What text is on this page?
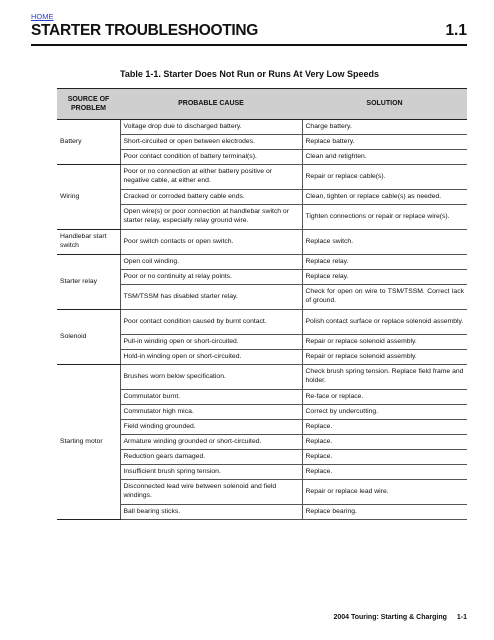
HOME
STARTER TROUBLESHOOTING	1.1
Table 1-1. Starter Does Not Run or Runs At Very Low Speeds
SOURCE OF PROBLEM	PROBABLE CAUSE	SOLUTION
Battery	Voltage drop due to discharged battery.	Charge battery.
	Short-circuited or open between electrodes.	Replace battery.
	Poor contact condition of battery terminal(s).	Clean and retighten.
Wiring	Poor or no connection at either battery positive or negative cable, at either end.	Repair or replace cable(s).
	Cracked or corroded battery cable ends.	Clean, tighten or replace cable(s) as needed.
	Open wire(s) or poor connection at handlebar switch or starter relay, especially relay ground wire.	Tighten connections or repair or replace wire(s).
Handlebar start switch	Poor switch contacts or open switch.	Replace switch.
Starter relay	Open coil winding.	Replace relay.
	Poor or no continuity at relay points.	Replace relay.
	TSM/TSSM has disabled starter relay.	Check for open on wire to TSM/TSSM. Correct lack of ground.
Solenoid	Poor contact condition caused by burnt contact.	Polish contact surface or replace solenoid assembly.
	Pull-in winding open or short-circuited.	Repair or replace solenoid assembly.
	Hold-in winding open or short-circuited.	Repair or replace solenoid assembly.
Starting motor	Brushes worn below specification.	Check brush spring tension. Replace field frame and holder.
	Commutator burnt.	Re-face or replace.
	Commutator high mica.	Correct by undercutting.
	Field winding grounded.	Replace.
	Armature winding grounded or short-circuited.	Replace.
	Reduction gears damaged.	Replace.
	Insufficient brush spring tension.	Replace.
	Disconnected lead wire between solenoid and field windings.	Repair or replace lead wire.
	Ball bearing sticks.	Replace bearing.
2004 Touring: Starting & Charging 1-1
